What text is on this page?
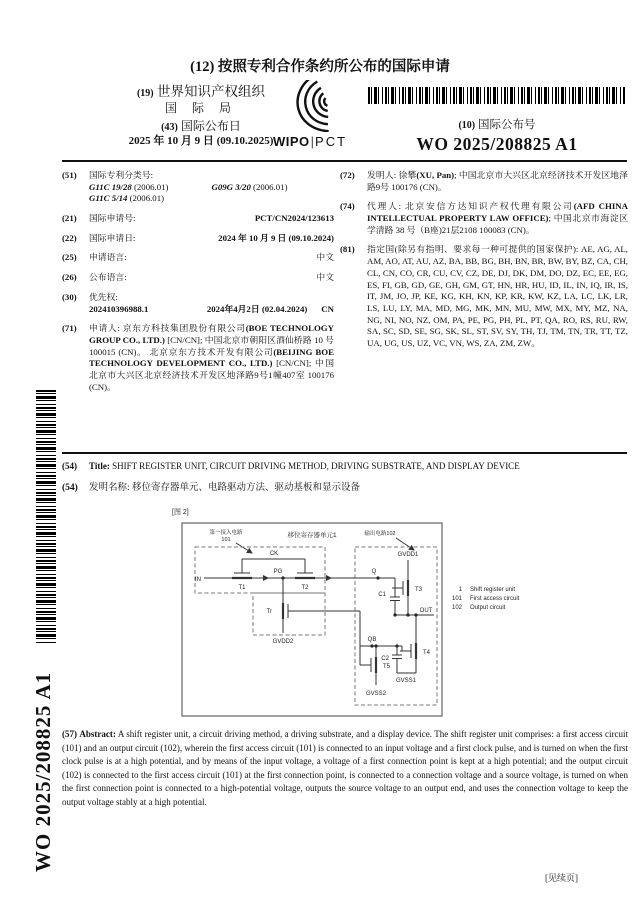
WO 2025/208825 A1
(12) 按照专利合作条约所公布的国际申请
(19) 世界知识产权组织
国 际 局
(43) 国际公布日
2025 年 10 月 9 日 (09.10.2025) WIPO|PCT
(10) 国际公布号
WO 2025/208825 A1
(51)	国际专利分类号:
G11C 19/28 (2006.01)	G09G 3/20 (2006.01)
G11C 5/14 (2006.01)
(21)	国际申请号:	PCT/CN2024/123613
(22)	国际申请日:	2024 年 10 月 9 日 (09.10.2024)
(25)	申请语言:	中文
(26)	公布语言:	中文
(30)	优先权:
202410396988.1	2024年4月2日 (02.04.2024) CN
(71)	申请人: 京东方科技集团股份有限公司(BOE TECHNOLOGY GROUP CO., LTD.) [CN/CN]; 中国北京市朝阳区酒仙桥路 10 号 100015 (CN)。 北京京东方技术开发有限公司(BEIJING BOE TECHNOLOGY DEVELOPMENT CO., LTD.) [CN/CN]; 中国北京市大兴区北京经济技术开发区地泽路9号1幢407室 100176 (CN)。
(72)	发明人: 徐攀(XU, Pan); 中国北京市大兴区北京经济技术开发区地泽路9号 100176 (CN)。
(74)	代理人: 北京安信方达知识产权代理有限公司(AFD CHINA INTELLECTUAL PROPERTY LAW OFFICE); 中国北京市海淀区学清路 38 号（B座)21层2108 100083 (CN)。
(81)	指定国(除另有指明、要求每一种可提供的国家保护): AE, AG, AL, AM, AO, AT, AU, AZ, BA, BB, BG, BH, BN, BR, BW, BY, BZ, CA, CH, CL, CN, CO, CR, CU, CV, CZ, DE, DJ, DK, DM, DO, DZ, EC, EE, EG, ES, FI, GB, GD, GE, GH, GM, GT, HN, HR, HU, ID, IL, IN, IQ, IR, IS, IT, JM, JO, JP, KE, KG, KH, KN, KP, KR, KW, KZ, LA, LC, LK, LR, LS, LU, LY, MA, MD, MG, MK, MN, MU, MW, MX, MY, MZ, NA, NG, NI, NO, NZ, OM, PA, PE, PG, PH, PL, PT, QA, RO, RS, RU, RW, SA, SC, SD, SE, SG, SK, SL, ST, SV, SY, TH, TJ, TM, TN, TR, TT, TZ, UA, UG, US, UZ, VC, VN, WS, ZA, ZM, ZW。
(54)	Title: SHIFT REGISTER UNIT, CIRCUIT DRIVING METHOD, DRIVING SUBSTRATE, AND DISPLAY DEVICE
(54)	发明名称: 移位寄存器单元、电路驱动方法、驱动基板和显示设备
[图 2]
移位寄存器单元1
第一接入电路
101
输出电路102
CK
IN
T1
PG
T2
Q
Tr
GVDD2
GVDD1
T3
OUT
C1
QB
T4
C2
GVSS1
T5
GVSS2
1 Shift register unit
101 First access circuit
102 Output circuit
(57) Abstract: A shift register unit, a circuit driving method, a driving substrate, and a display device. The shift register unit comprises: a first access circuit (101) and an output circuit (102), wherein the first access circuit (101) is connected to an input voltage and a first clock pulse, and is turned on when the first clock pulse is at a high potential, and by means of the input voltage, a voltage of a first connection point is kept at a high potential; and the output circuit (102) is connected to the first access circuit (101) at the first connection point, is connected to a connection voltage and a source voltage, is turned on when the first connection point is connected to a high-potential voltage, outputs the source voltage to an output end, and uses the connection voltage to keep the output voltage stably at a high potential.
[见续页]
